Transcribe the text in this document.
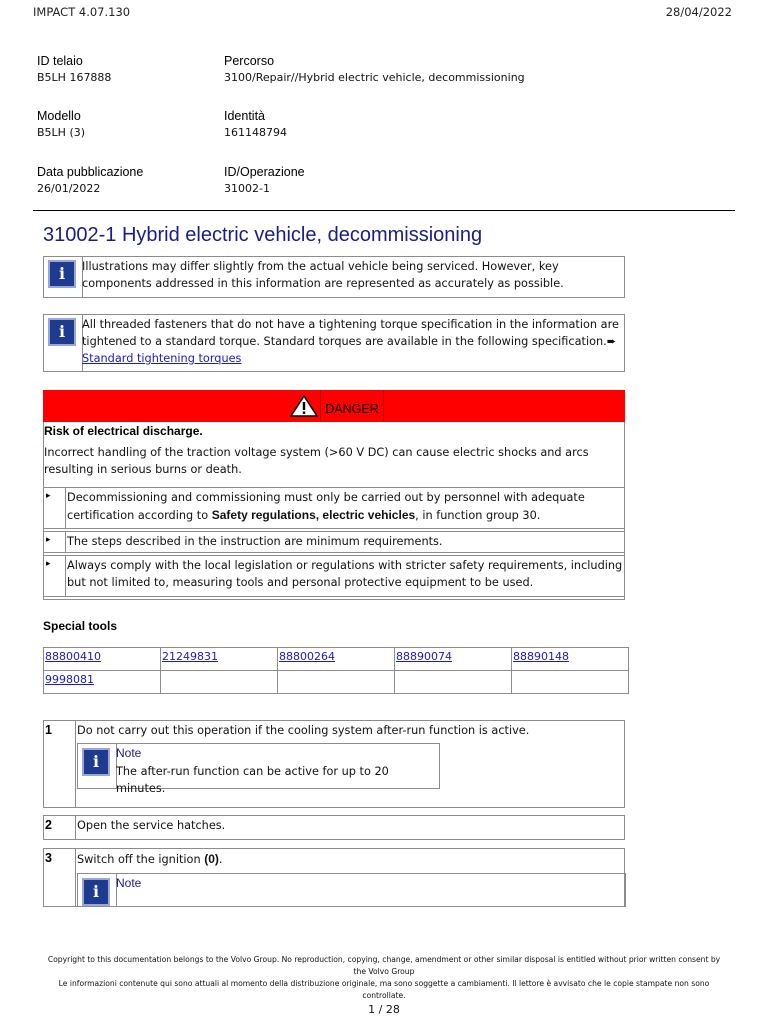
IMPACT 4.07.130	28/04/2022
ID telaio
B5LH 167888
Percorso
3100/Repair//Hybrid electric vehicle, decommissioning
Modello
B5LH (3)
Identità
161148794
Data pubblicazione
26/01/2022
ID/Operazione
31002-1
31002-1 Hybrid electric vehicle, decommissioning
i	Illustrations may differ slightly from the actual vehicle being serviced. However, key
components addressed in this information are represented as accurately as possible.
i	All threaded fasteners that do not have a tightening torque specification in the information are
tightened to a standard torque. Standard torques are available in the following specification.➨
Standard tightening torques
DANGER
Risk of electrical discharge.
Incorrect handling of the traction voltage system (>60 V DC) can cause electric shocks and arcs
resulting in serious burns or death.
▸	Decommissioning and commissioning must only be carried out by personnel with adequate
certification according to Safety regulations, electric vehicles, in function group 30.
▸	The steps described in the instruction are minimum requirements.
▸	Always comply with the local legislation or regulations with stricter safety requirements, including
but not limited to, measuring tools and personal protective equipment to be used.
Special tools
88800410	21249831	88800264	88890074	88890148
9998081				
1	Do not carry out this operation if the cooling system after-run function is active.
i	Note
The after-run function can be active for up to 20 minutes.
2	Open the service hatches.
3	Switch off the ignition (0).
i	Note
Copyright to this documentation belongs to the Volvo Group. No reproduction, copying, change, amendment or other similar disposal is entitled without prior written consent by
the Volvo Group
Le informazioni contenute qui sono attuali al momento della distribuzione originale, ma sono soggette a cambiamenti. Il lettore è avvisato che le copie stampate non sono
controllate.
1 / 28
